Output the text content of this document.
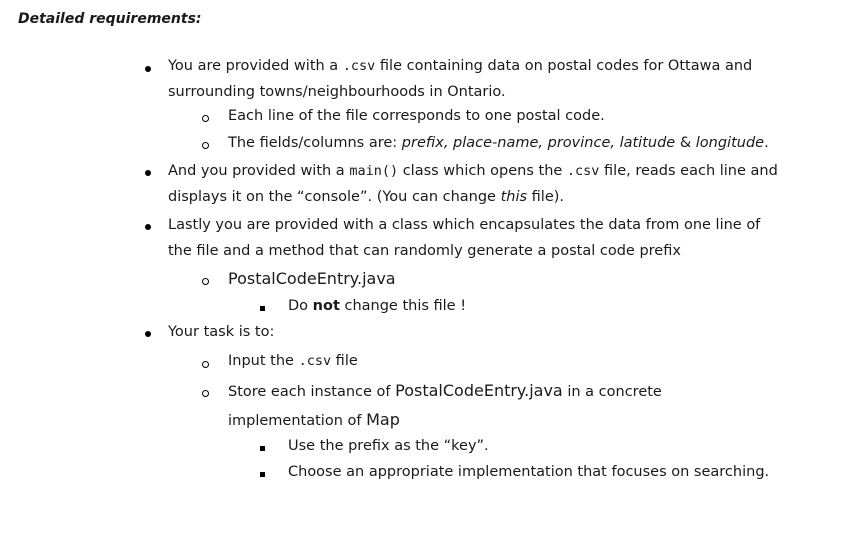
Detailed requirements:
You are provided with a .csv file containing data on postal codes for Ottawa and
surrounding towns/neighbourhoods in Ontario.
Each line of the file corresponds to one postal code.
The fields/columns are: prefix, place-name, province, latitude & longitude.
And you provided with a main() class which opens the .csv file, reads each line and
displays it on the “console”. (You can change this file).
Lastly you are provided with a class which encapsulates the data from one line of
the file and a method that can randomly generate a postal code prefix
PostalCodeEntry.java
Do not change this file !
Your task is to:
Input the .csv file
Store each instance of PostalCodeEntry.java in a concrete
implementation of Map
Use the prefix as the “key”.
Choose an appropriate implementation that focuses on searching.
